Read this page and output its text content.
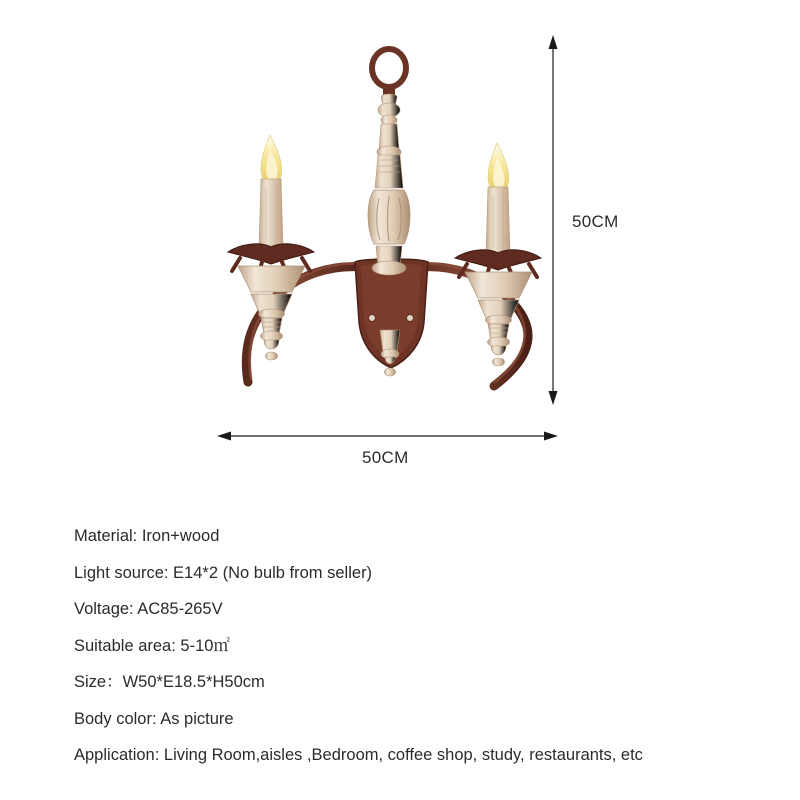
50CM
50CM
Material: Iron+wood
Light source: E14*2 (No bulb from seller)
Voltage: AC85-265V
Suitable area: 5-10㎡
Size：W50*E18.5*H50cm
Body color: As picture
Application: Living Room,aisles ,Bedroom, coffee shop, study, restaurants, etc
